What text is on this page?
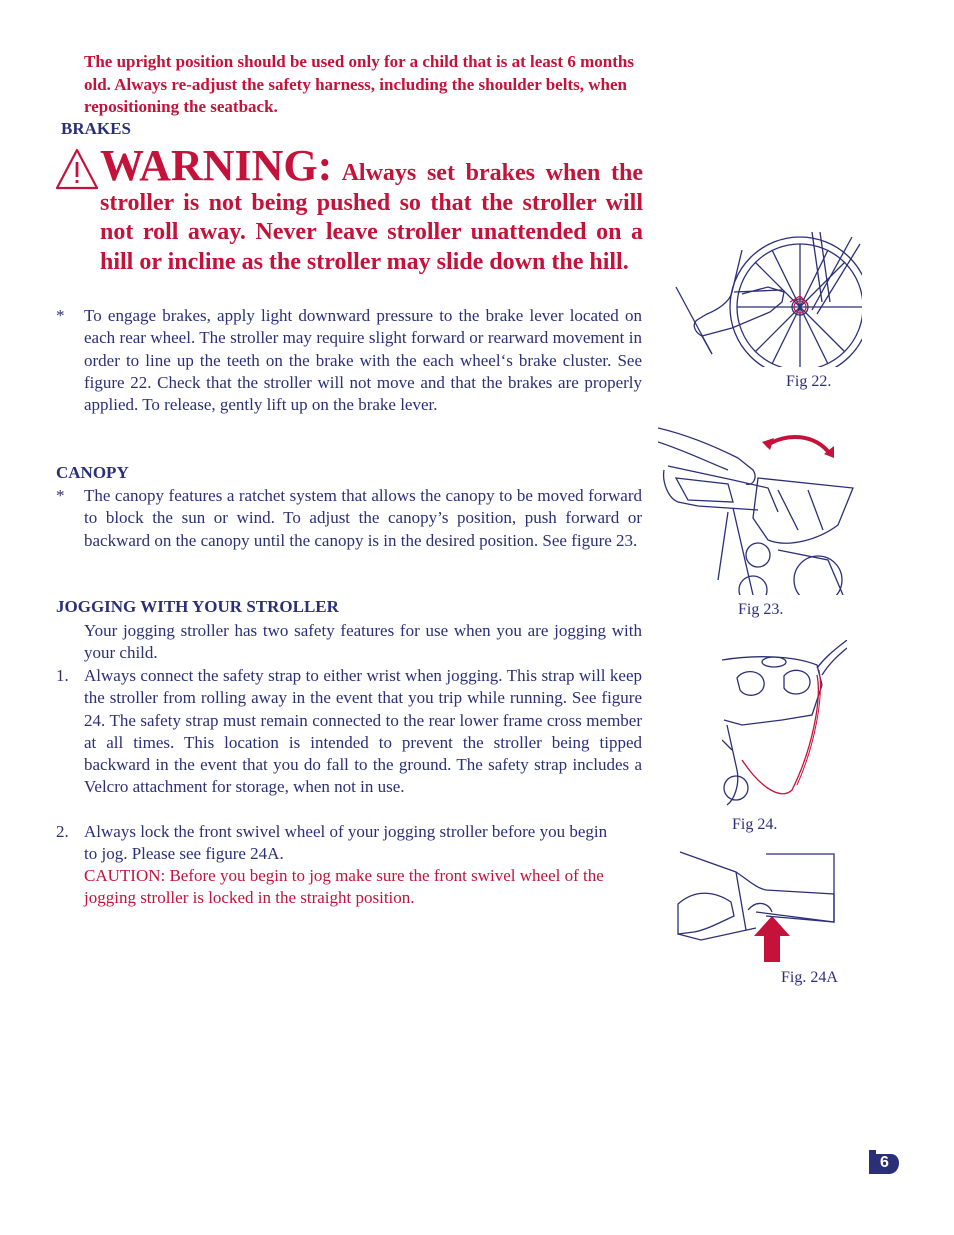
The upright position should be used only for a child that is at least 6 months old. Always re-adjust the safety harness, including the shoulder belts, when repositioning the seatback.
BRAKES
WARNING: Always set brakes when the stroller is not being pushed so that the stroller will not roll away. Never leave stroller unattended on a hill or incline as the stroller may slide down the hill.
*	To engage brakes, apply light downward pressure to the brake lever located on each rear wheel. The stroller may require slight forward or rearward movement in order to line up the teeth on the brake with the each wheel‘s brake cluster. See figure 22. Check that the stroller will not move and that the brakes are properly applied. To release, gently lift up on the brake lever.
CANOPY
*	The canopy features a ratchet system that allows the canopy to be moved forward to block the sun or wind. To adjust the canopy’s position, push forward or backward on the canopy until the canopy is in the desired position. See figure 23.
JOGGING WITH YOUR STROLLER
Your jogging stroller has two safety features for use when you are jogging with your child.
1. Always connect the safety strap to either wrist when jogging. This strap will keep the stroller from rolling away in the event that you trip while running. See figure 24. The safety strap must remain connected to the rear lower frame cross member at all times. This location is intended to prevent the stroller being tipped backward in the event that you do fall to the ground. The safety strap includes a Velcro attachment for storage, when not in use.
2. Always lock the front swivel wheel of your jogging stroller before you begin to jog. Please see figure 24A.
CAUTION: Before you begin to jog make sure the front swivel wheel of the jogging stroller is locked in the straight position.
Fig 22.
Fig 23.
Fig 24.
Fig. 24A
6
